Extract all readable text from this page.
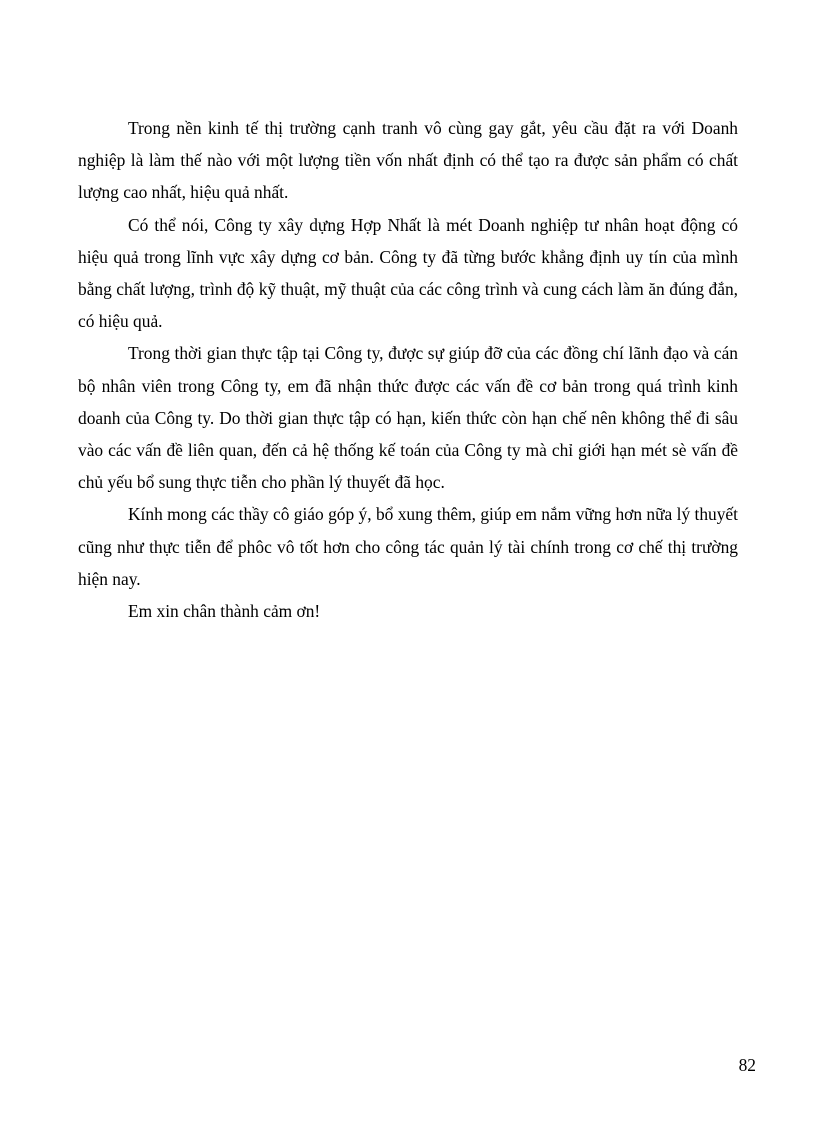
Trong nền kinh tế thị trường cạnh tranh vô cùng gay gắt, yêu cầu đặt ra với Doanh nghiệp là làm thế nào với một lượng tiền vốn nhất định có thể tạo ra được sản phẩm có chất lượng cao nhất, hiệu quả nhất.

Có thể nói, Công ty xây dựng Hợp Nhất là mét Doanh nghiệp tư nhân hoạt động có hiệu quả trong lĩnh vực xây dựng cơ bản. Công ty đã từng bước khẳng định uy tín của mình bằng chất lượng, trình độ kỹ thuật, mỹ thuật của các công trình và cung cách làm ăn đúng đắn, có hiệu quả.

Trong thời gian thực tập tại Công ty, được sự giúp đỡ của các đồng chí lãnh đạo và cán bộ nhân viên trong Công ty, em đã nhận thức được các vấn đề cơ bản trong quá trình kinh doanh của Công ty. Do thời gian thực tập có hạn, kiến thức còn hạn chế nên không thể đi sâu vào các vấn đề liên quan, đến cả hệ thống kế toán của Công ty mà chỉ giới hạn mét sè vấn đề chủ yếu bổ sung thực tiễn cho phần lý thuyết đã học.

Kính mong các thầy cô giáo góp ý, bổ xung thêm, giúp em nắm vững hơn nữa lý thuyết cũng như thực tiễn để phôc vô tốt hơn cho công tác quản lý tài chính trong cơ chế thị trường hiện nay.

Em xin chân thành cảm ơn!

82
